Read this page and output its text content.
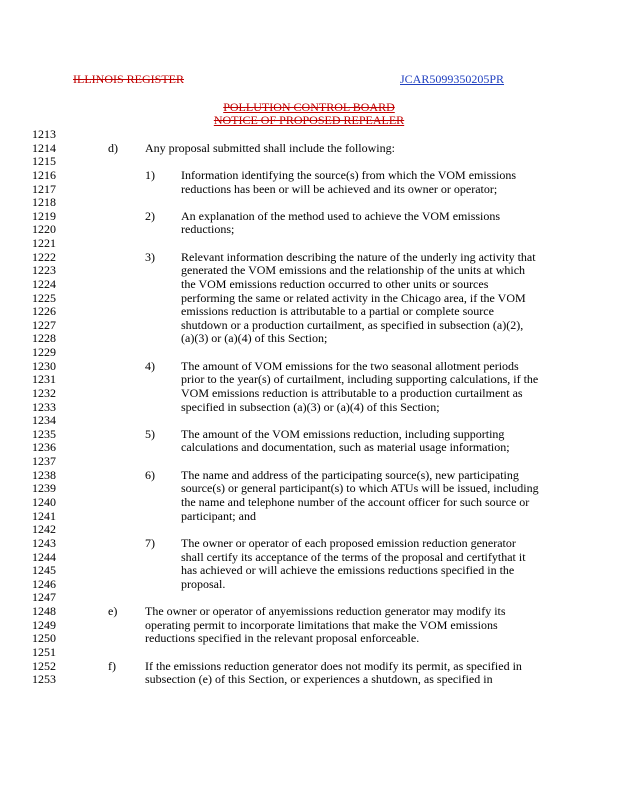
ILLINOIS REGISTER	JCAR5099350205PR
POLLUTION CONTROL BOARD
NOTICE OF PROPOSED REPEALER
1213
1214
1215
1216
1217
1218
1219
1220
1221
1222
1223
1224
1225
1226
1227
1228
1229
1230
1231
1232
1233
1234
1235
1236
1237
1238
1239
1240
1241
1242
1243
1244
1245
1246
1247
1248
1249
1250
1251
1252
1253
d) Any proposal submitted shall include the following:
1) Information identifying the source(s) from which the VOM emissions
reductions has been or will be achieved and its owner or operator;
2) An explanation of the method used to achieve the VOM emissions
reductions;
3) Relevant information describing the nature of the underly ing activity that
generated the VOM emissions and the relationship of the units at which
the VOM emissions reduction occurred to other units or sources
performing the same or related activity in the Chicago area, if the VOM
emissions reduction is attributable to a partial or complete source
shutdown or a production curtailment, as specified in subsection (a)(2),
(a)(3) or (a)(4) of this Section;
4) The amount of VOM emissions for the two seasonal allotment periods
prior to the year(s) of curtailment, including supporting calculations, if the
VOM emissions reduction is attributable to a production curtailment as
specified in subsection (a)(3) or (a)(4) of this Section;
5) The amount of the VOM emissions reduction, including supporting
calculations and documentation, such as material usage information;
6) The name and address of the participating source(s), new participating
source(s) or general participant(s) to which ATUs will be issued, including
the name and telephone number of the account officer for such source or
participant; and
7) The owner or operator of each proposed emission reduction generator
shall certify its acceptance of the terms of the proposal and certifythat it
has achieved or will achieve the emissions reductions specified in the
proposal.
e) The owner or operator of anyemissions reduction generator may modify its
operating permit to incorporate limitations that make the VOM emissions
reductions specified in the relevant proposal enforceable.
f) If the emissions reduction generator does not modify its permit, as specified in
subsection (e) of this Section, or experiences a shutdown, as specified in
